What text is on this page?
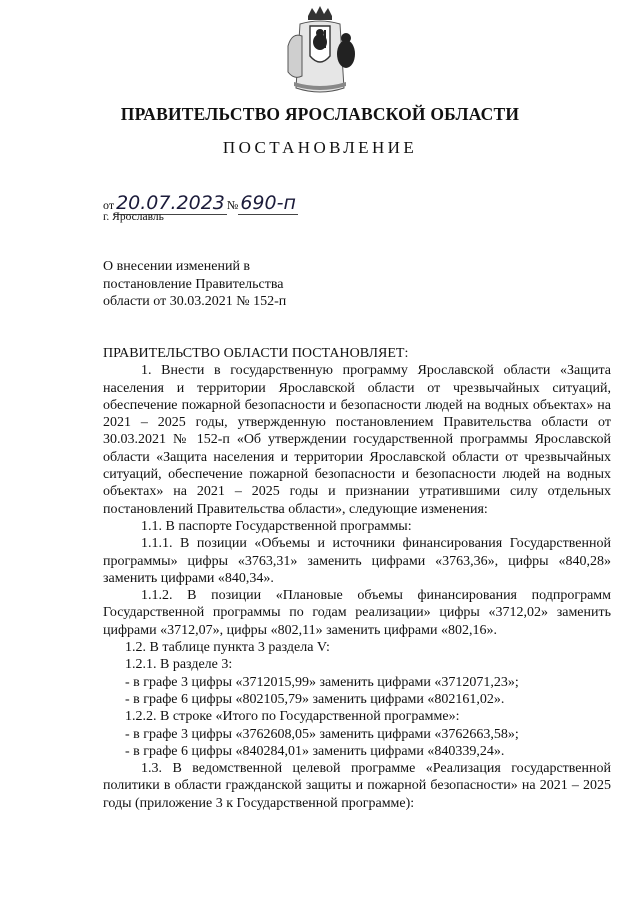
ПРАВИТЕЛЬСТВО ЯРОСЛАВСКОЙ ОБЛАСТИ
ПОСТАНОВЛЕНИЕ
от 20.07.2023 № 690-п
г. Ярославль
О внесении изменений в
постановление Правительства
области от 30.03.2021 № 152-п

ПРАВИТЕЛЬСТВО ОБЛАСТИ ПОСТАНОВЛЯЕТ:

1. Внести в государственную программу Ярославской области «Защита населения и территории Ярославской области от чрезвычайных ситуаций, обеспечение пожарной безопасности и безопасности людей на водных объектах» на 2021 – 2025 годы, утвержденную постановлением Правительства области от 30.03.2021 № 152-п «Об утверждении государственной программы Ярославской области «Защита населения и территории Ярославской области от чрезвычайных ситуаций, обеспечение пожарной безопасности и безопасности людей на водных объектах» на 2021 – 2025 годы и признании утратившими силу отдельных постановлений Правительства области», следующие изменения:

1.1. В паспорте Государственной программы:

1.1.1. В позиции «Объемы и источники финансирования Государственной программы» цифры «3763,31» заменить цифрами «3763,36», цифры «840,28» заменить цифрами «840,34».

1.1.2. В позиции «Плановые объемы финансирования подпрограмм Государственной программы по годам реализации» цифры «3712,02» заменить цифрами «3712,07», цифры «802,11» заменить цифрами «802,16».

1.2. В таблице пункта 3 раздела V:

1.2.1. В разделе 3:

- в графе 3 цифры «3712015,99» заменить цифрами «3712071,23»;

- в графе 6 цифры «802105,79» заменить цифрами «802161,02».

1.2.2. В строке «Итого по Государственной программе»:

- в графе 3 цифры «3762608,05» заменить цифрами «3762663,58»;

- в графе 6 цифры «840284,01» заменить цифрами «840339,24».

1.3. В ведомственной целевой программе «Реализация государственной политики в области гражданской защиты и пожарной безопасности» на 2021 – 2025 годы (приложение 3 к Государственной программе):
